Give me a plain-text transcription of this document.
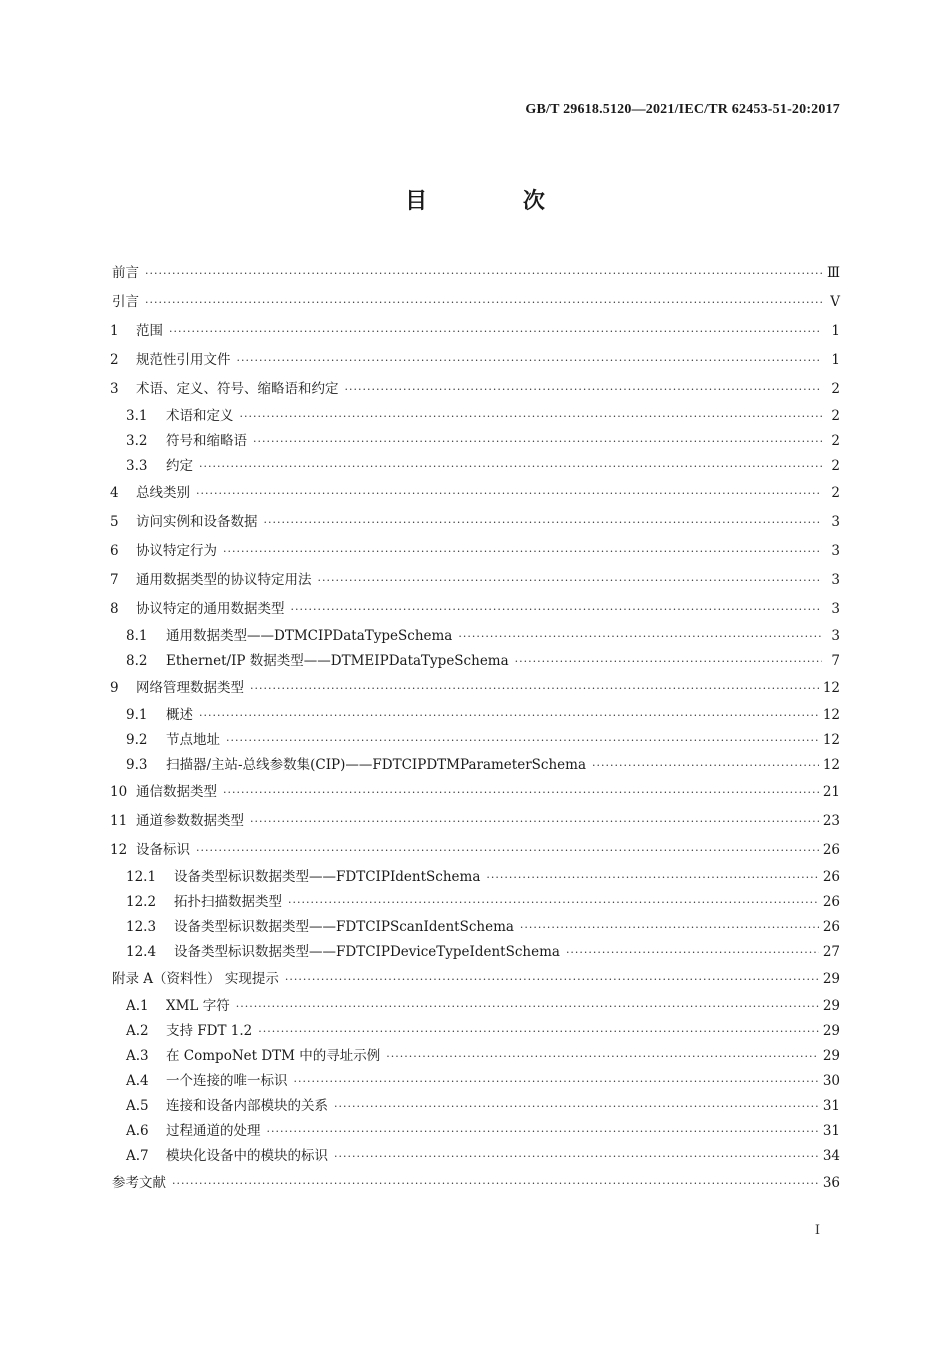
GB/T 29618.5120—2021/IEC/TR 62453-51-20:2017
目 次
前言 ·····	Ⅲ
引言 ·····	Ⅴ
1	范围 ·····	1
2	规范性引用文件 ·····	1
3	术语、定义、符号、缩略语和约定 ·····	2
3.1	术语和定义 ·····	2
3.2	符号和缩略语 ·····	2
3.3	约定 ·····	2
4	总线类别 ·····	2
5	访问实例和设备数据 ·····	3
6	协议特定行为 ·····	3
7	通用数据类型的协议特定用法 ·····	3
8	协议特定的通用数据类型 ·····	3
8.1	通用数据类型——DTMCIPDataTypeSchema ·····	3
8.2	Ethernet/IP 数据类型——DTMEIPDataTypeSchema ·····	7
9	网络管理数据类型 ·····	12
9.1	概述 ·····	12
9.2	节点地址 ·····	12
9.3	扫描器/主站-总线参数集(CIP)——FDTCIPDTMParameterSchema ·····	12
10 通信数据类型 ·····	21
11 通道参数数据类型 ·····	23
12 设备标识 ·····	26
12.1	设备类型标识数据类型——FDTCIPIdentSchema ·····	26
12.2	拓扑扫描数据类型 ·····	26
12.3	设备类型标识数据类型——FDTCIPScanIdentSchema ·····	26
12.4	设备类型标识数据类型——FDTCIPDeviceTypeIdentSchema ·····	27
附录 A（资料性） 实现提示 ·····	29
A.1	XML 字符 ·····	29
A.2	支持 FDT 1.2 ·····	29
A.3	在 CompoNet DTM 中的寻址示例 ·····	29
A.4	一个连接的唯一标识 ·····	30
A.5	连接和设备内部模块的关系 ·····	31
A.6	过程通道的处理 ·····	31
A.7	模块化设备中的模块的标识 ·····	34
参考文献 ·····	36
I
